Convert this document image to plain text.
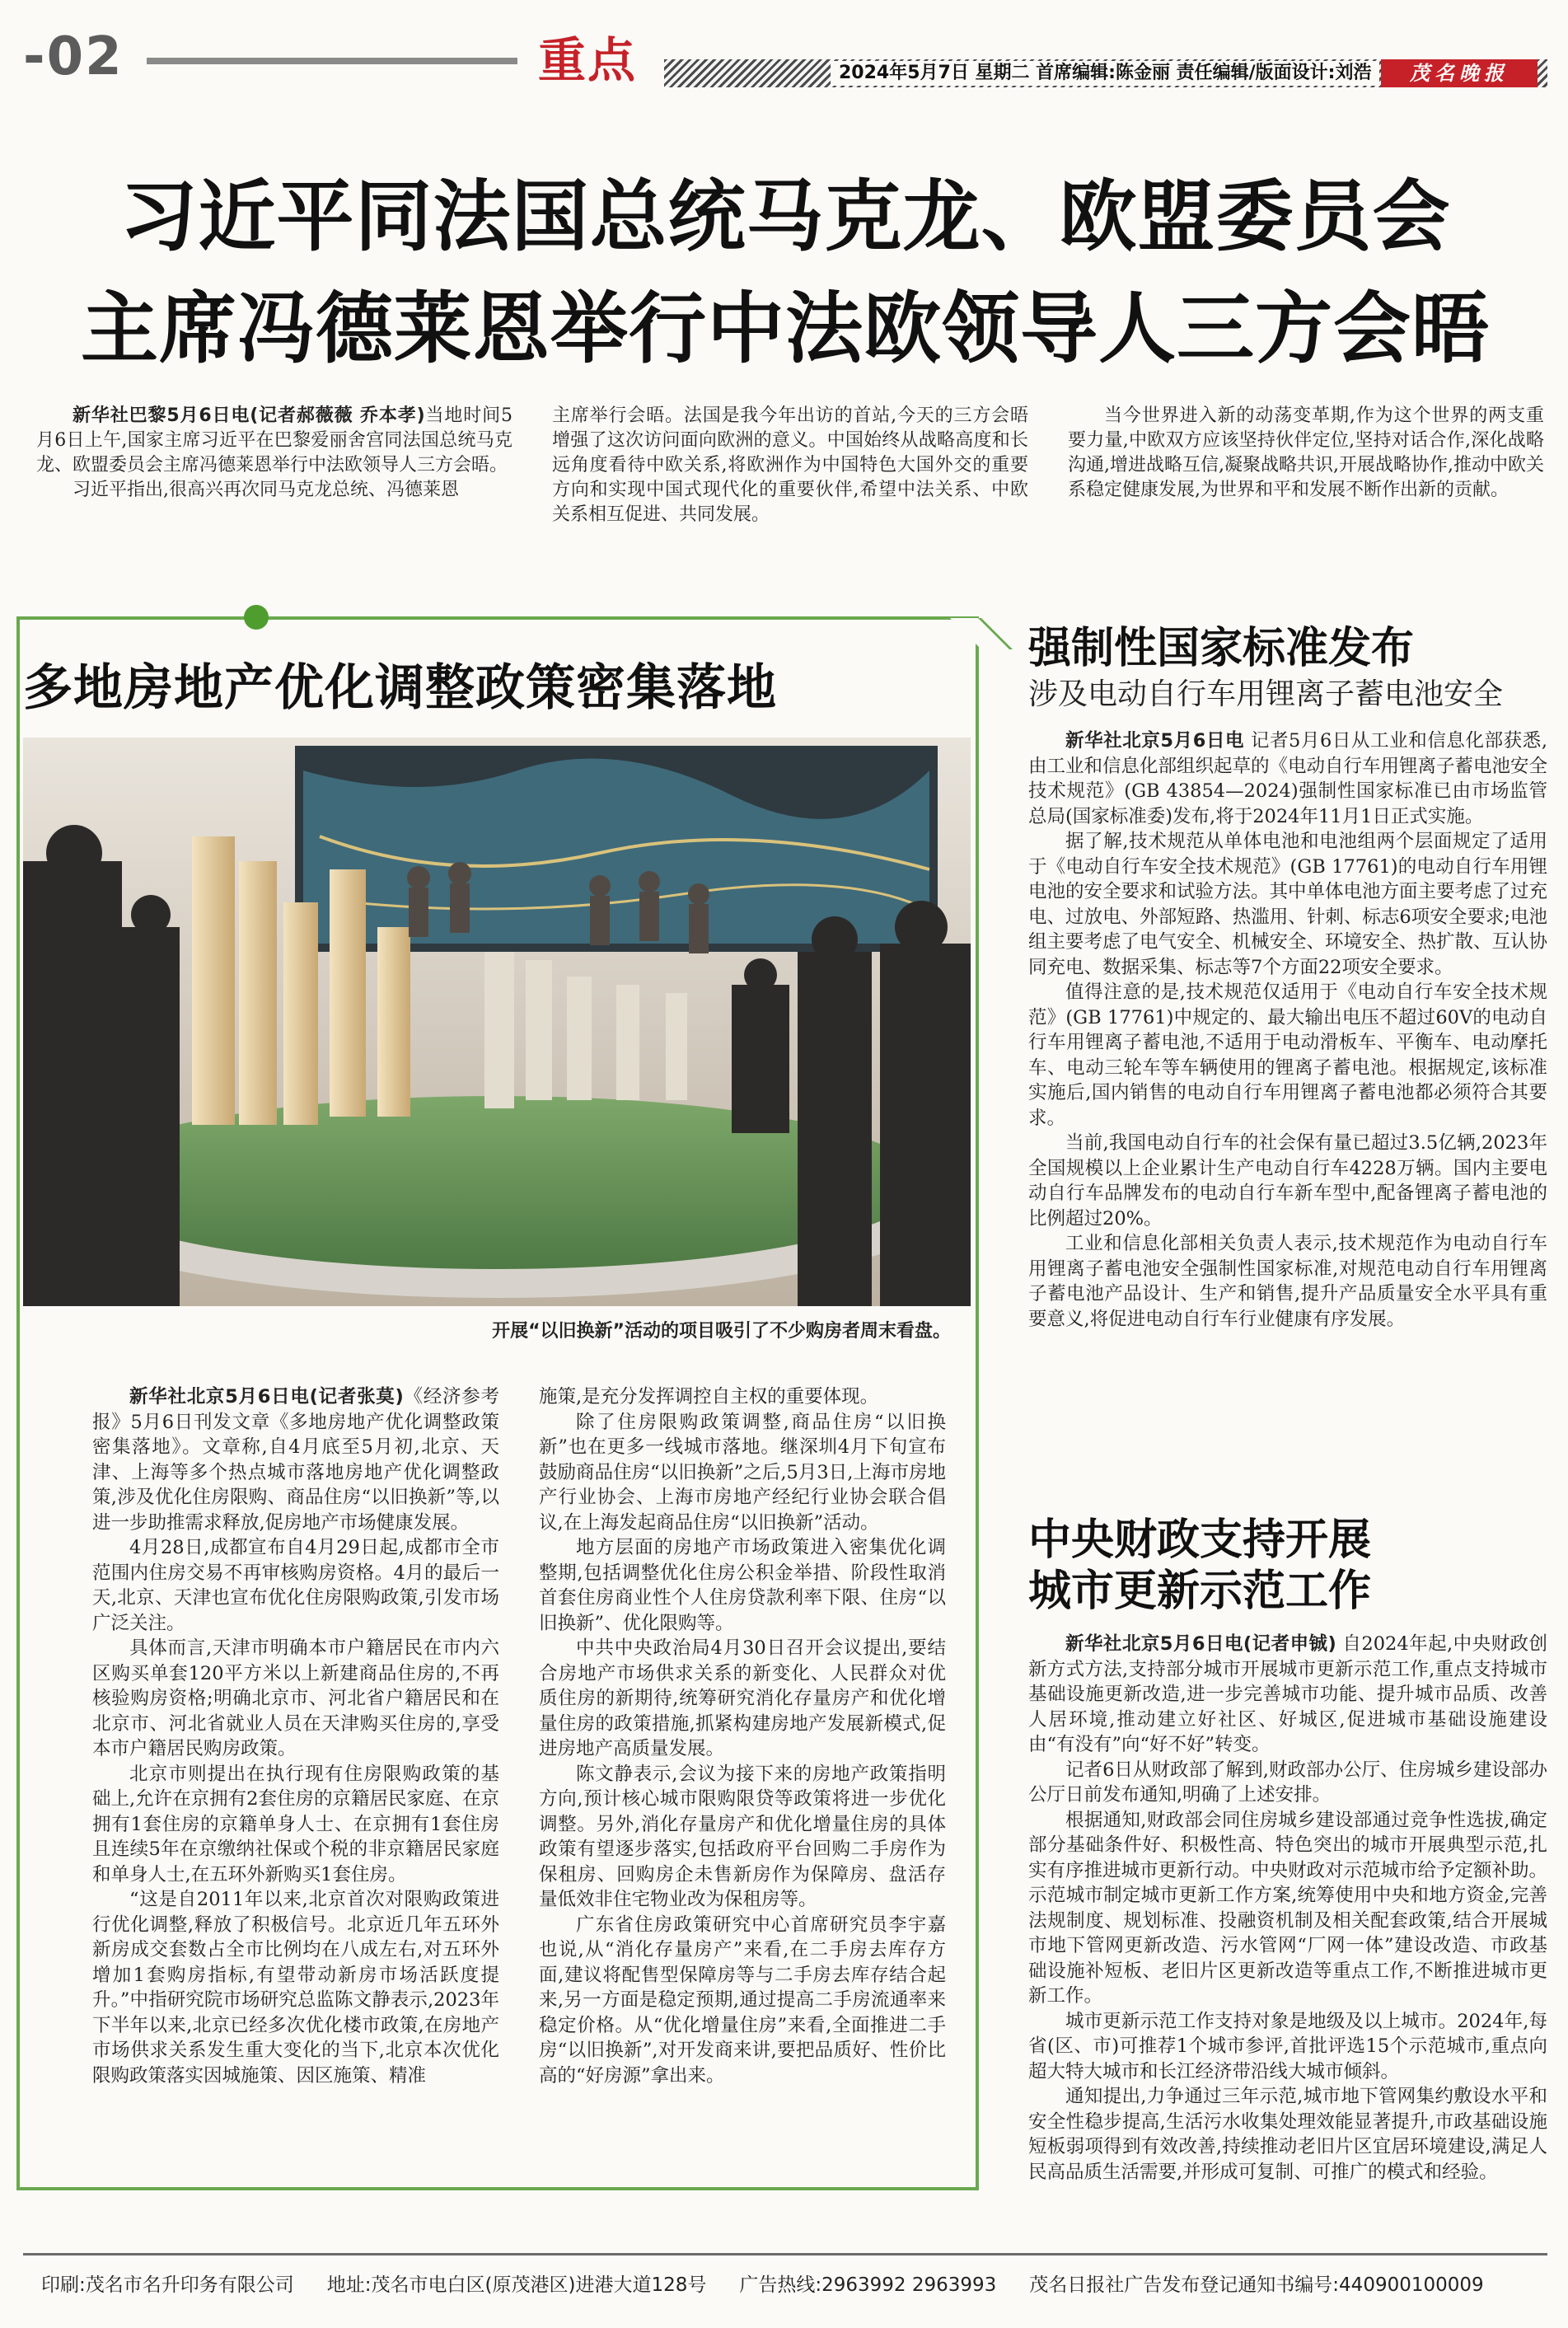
-02	重点	2024年5月7日 星期二 首席编辑:陈金丽 责任编辑/版面设计:刘浩	茂名晚报
习近平同法国总统马克龙、欧盟委员会
主席冯德莱恩举行中法欧领导人三方会晤

新华社巴黎5月6日电(记者郝薇薇 乔本孝)当地时间5月6日上午,国家主席习近平在巴黎爱丽舍宫同法国总统马克龙、欧盟委员会主席冯德莱恩举行中法欧领导人三方会晤。

习近平指出,很高兴再次同马克龙总统、冯德莱恩

主席举行会晤。法国是我今年出访的首站,今天的三方会晤增强了这次访问面向欧洲的意义。中国始终从战略高度和长远角度看待中欧关系,将欧洲作为中国特色大国外交的重要方向和实现中国式现代化的重要伙伴,希望中法关系、中欧关系相互促进、共同发展。

当今世界进入新的动荡变革期,作为这个世界的两支重要力量,中欧双方应该坚持伙伴定位,坚持对话合作,深化战略沟通,增进战略互信,凝聚战略共识,开展战略协作,推动中欧关系稳定健康发展,为世界和平和发展不断作出新的贡献。

多地房地产优化调整政策密集落地
开展“以旧换新”活动的项目吸引了不少购房者周末看盘。

新华社北京5月6日电(记者张莫)《经济参考报》5月6日刊发文章《多地房地产优化调整政策密集落地》。文章称,自4月底至5月初,北京、天津、上海等多个热点城市落地房地产优化调整政策,涉及优化住房限购、商品住房“以旧换新”等,以进一步助推需求释放,促房地产市场健康发展。

4月28日,成都宣布自4月29日起,成都市全市范围内住房交易不再审核购房资格。4月的最后一天,北京、天津也宣布优化住房限购政策,引发市场广泛关注。

具体而言,天津市明确本市户籍居民在市内六区购买单套120平方米以上新建商品住房的,不再核验购房资格;明确北京市、河北省户籍居民和在北京市、河北省就业人员在天津购买住房的,享受本市户籍居民购房政策。

北京市则提出在执行现有住房限购政策的基础上,允许在京拥有2套住房的京籍居民家庭、在京拥有1套住房的京籍单身人士、在京拥有1套住房且连续5年在京缴纳社保或个税的非京籍居民家庭和单身人士,在五环外新购买1套住房。

“这是自2011年以来,北京首次对限购政策进行优化调整,释放了积极信号。北京近几年五环外新房成交套数占全市比例均在八成左右,对五环外增加1套购房指标,有望带动新房市场活跃度提升。”中指研究院市场研究总监陈文静表示,2023年下半年以来,北京已经多次优化楼市政策,在房地产市场供求关系发生重大变化的当下,北京本次优化限购政策落实因城施策、因区施策、精准

施策,是充分发挥调控自主权的重要体现。

除了住房限购政策调整,商品住房“以旧换新”也在更多一线城市落地。继深圳4月下旬宣布鼓励商品住房“以旧换新”之后,5月3日,上海市房地产行业协会、上海市房地产经纪行业协会联合倡议,在上海发起商品住房“以旧换新”活动。

地方层面的房地产市场政策进入密集优化调整期,包括调整优化住房公积金举措、阶段性取消首套住房商业性个人住房贷款利率下限、住房“以旧换新”、优化限购等。

中共中央政治局4月30日召开会议提出,要结合房地产市场供求关系的新变化、人民群众对优质住房的新期待,统筹研究消化存量房产和优化增量住房的政策措施,抓紧构建房地产发展新模式,促进房地产高质量发展。

陈文静表示,会议为接下来的房地产政策指明方向,预计核心城市限购限贷等政策将进一步优化调整。另外,消化存量房产和优化增量住房的具体政策有望逐步落实,包括政府平台回购二手房作为保租房、回购房企未售新房作为保障房、盘活存量低效非住宅物业改为保租房等。

广东省住房政策研究中心首席研究员李宇嘉也说,从“消化存量房产”来看,在二手房去库存方面,建议将配售型保障房等与二手房去库存结合起来,另一方面是稳定预期,通过提高二手房流通率来稳定价格。从“优化增量住房”来看,全面推进二手房“以旧换新”,对开发商来讲,要把品质好、性价比高的“好房源”拿出来。

强制性国家标准发布
涉及电动自行车用锂离子蓄电池安全

新华社北京5月6日电 记者5月6日从工业和信息化部获悉,由工业和信息化部组织起草的《电动自行车用锂离子蓄电池安全技术规范》(GB 43854—2024)强制性国家标准已由市场监管总局(国家标准委)发布,将于2024年11月1日正式实施。

据了解,技术规范从单体电池和电池组两个层面规定了适用于《电动自行车安全技术规范》(GB 17761)的电动自行车用锂电池的安全要求和试验方法。其中单体电池方面主要考虑了过充电、过放电、外部短路、热滥用、针刺、标志6项安全要求;电池组主要考虑了电气安全、机械安全、环境安全、热扩散、互认协同充电、数据采集、标志等7个方面22项安全要求。

值得注意的是,技术规范仅适用于《电动自行车安全技术规范》(GB 17761)中规定的、最大输出电压不超过60V的电动自行车用锂离子蓄电池,不适用于电动滑板车、平衡车、电动摩托车、电动三轮车等车辆使用的锂离子蓄电池。根据规定,该标准实施后,国内销售的电动自行车用锂离子蓄电池都必须符合其要求。

当前,我国电动自行车的社会保有量已超过3.5亿辆,2023年全国规模以上企业累计生产电动自行车4228万辆。国内主要电动自行车品牌发布的电动自行车新车型中,配备锂离子蓄电池的比例超过20%。

工业和信息化部相关负责人表示,技术规范作为电动自行车用锂离子蓄电池安全强制性国家标准,对规范电动自行车用锂离子蓄电池产品设计、生产和销售,提升产品质量安全水平具有重要意义,将促进电动自行车行业健康有序发展。

中央财政支持开展
城市更新示范工作

新华社北京5月6日电(记者申铖) 自2024年起,中央财政创新方式方法,支持部分城市开展城市更新示范工作,重点支持城市基础设施更新改造,进一步完善城市功能、提升城市品质、改善人居环境,推动建立好社区、好城区,促进城市基础设施建设由“有没有”向“好不好”转变。

记者6日从财政部了解到,财政部办公厅、住房城乡建设部办公厅日前发布通知,明确了上述安排。

根据通知,财政部会同住房城乡建设部通过竞争性选拔,确定部分基础条件好、积极性高、特色突出的城市开展典型示范,扎实有序推进城市更新行动。中央财政对示范城市给予定额补助。示范城市制定城市更新工作方案,统筹使用中央和地方资金,完善法规制度、规划标准、投融资机制及相关配套政策,结合开展城市地下管网更新改造、污水管网“厂网一体”建设改造、市政基础设施补短板、老旧片区更新改造等重点工作,不断推进城市更新工作。

城市更新示范工作支持对象是地级及以上城市。2024年,每省(区、市)可推荐1个城市参评,首批评选15个示范城市,重点向超大特大城市和长江经济带沿线大城市倾斜。

通知提出,力争通过三年示范,城市地下管网集约敷设水平和安全性稳步提高,生活污水收集处理效能显著提升,市政基础设施短板弱项得到有效改善,持续推动老旧片区宜居环境建设,满足人民高品质生活需要,并形成可复制、可推广的模式和经验。

印刷:茂名市名升印务有限公司 地址:茂名市电白区(原茂港区)进港大道128号 广告热线:2963992 2963993 茂名日报社广告发布登记通知书编号:440900100009
